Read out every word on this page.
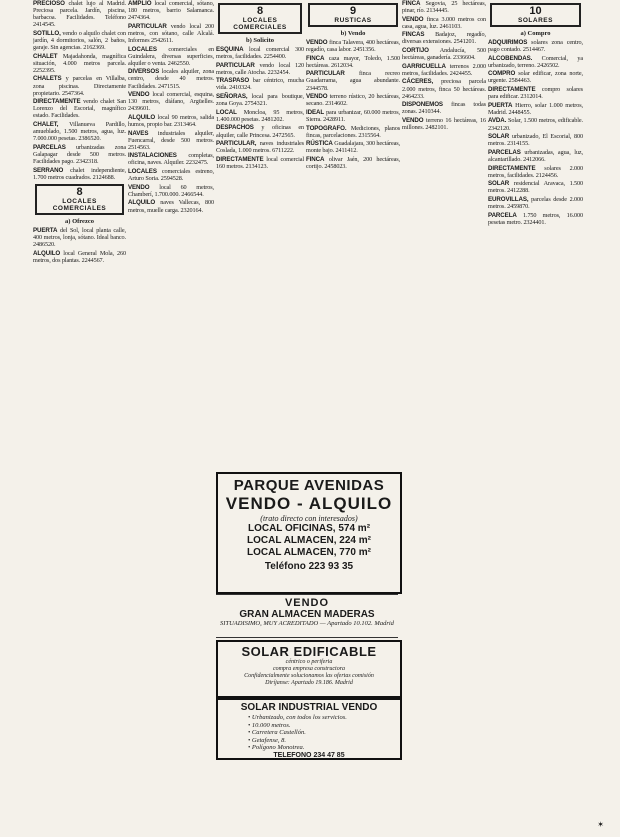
PRECIOSO chalet lujo al Madrid. Preciosa parcela. Jardín, piscina, barbacoa. Facilidades. Teléfono 2414545.

SOTILLO, vendo o alquilo chalet con jardín, 4 dormitorios, salón, 2 baños, garaje. Sin agencias. 2162369.

CHALET Majadahonda, magnífica situación, 4.000 metros parcela. 2252395.

CHALETS y parcelas en Villalba, zona piscinas. Directamente propietario. 2547364.

DIRECTAMENTE vendo chalet San Lorenzo del Escorial, magnífico estado. Facilidades.

CHALET, Villanueva Pardillo, amueblado, 1.500 metros, agua, luz. 7.000.000 pesetas. 2386520.

PARCELAS urbanizadas zona Galapagar desde 500 metros. Facilidades pago. 2342318.

SERRANO chalet independiente, 1.700 metros cuadrados. 2124688.

8
LOCALES COMERCIALES
a) Ofrezco

PUERTA del Sol, local planta calle, 400 metros, lonja, sótano. Ideal banco. 2486520.

ALQUILO local General Mola, 260 metros, dos plantas. 2244567.

AMPLIO local comercial, sótano, 180 metros, barrio Salamanca. 2474364.

PARTICULAR vendo local 200 metros, con sótano, calle Alcalá. Informes 2542611.

LOCALES comerciales en Guindalera, diversas superficies, alquiler o venta. 2462550.

DIVERSOS locales alquiler, zona centro, desde 40 metros. Facilidades. 2471515.

VENDO local comercial, esquina, 130 metros, diáfano, Argüelles. 2439601.

ALQUILO local 90 metros, salida humos, propio bar. 2313464.

NAVES industriales alquiler, Fuencarral, desde 500 metros. 2514563.

INSTALACIONES completas, oficina, naves. Alquiler. 2232475.

LOCALES comerciales estreno, Arturo Soria. 2594528.

VENDO local 60 metros, Chamberí, 1.700.000. 2466544.

ALQUILO naves Vallecas, 800 metros, muelle carga. 2320164.

8
LOCALES COMERCIALES
b) Solicito

ESQUINA local comercial 300 metros, facilidades. 2254400.

PARTICULAR vendo local 120 metros, calle Atocha. 2232454.

TRASPASO bar céntrico, mucha vida. 2410324.

SEÑORAS, local para boutique, zona Goya. 2754321.

LOCAL Moncloa, 95 metros, 1.400.000 pesetas. 2481202.

DESPACHOS y oficinas en alquiler, calle Princesa. 2472565.

PARTICULAR, naves industriales Coslada, 1.000 metros. 6711222.

DIRECTAMENTE local comercial 160 metros. 2134123.

9
RUSTICAS
b) Vendo

VENDO finca Talavera, 400 hectáreas, regadío, casa labor. 2451356.

FINCA caza mayor, Toledo, 1.500 hectáreas. 2612034.

PARTICULAR finca recreo Guadarrama, agua abundante. 2344578.

VENDO terreno rústico, 20 hectáreas, secano. 2314602.

IDEAL para urbanizar, 60.000 metros, Sierra. 2428911.

TOPOGRAFO. Mediciones, planos fincas, parcelaciones. 2315564.

RÚSTICA Guadalajara, 300 hectáreas, monte bajo. 2411412.

FINCA olivar Jaén, 200 hectáreas, cortijo. 2458023.

FINCA Segovia, 25 hectáreas, pinar, río. 2134445.

VENDO finca 3.000 metros con casa, agua, luz. 2461103.

FINCAS Badajoz, regadío, diversas extensiones. 2541201.

CORTIJO Andalucía, 500 hectáreas, ganadería. 2336604.

GARRICUELLA terrenos 2.000 metros, facilidades. 2424455.

CÁCERES, preciosa parcela 2.000 metros, finca 50 hectáreas. 2464233.

DISPONEMOS fincas todas zonas. 2410344.

VENDO terreno 16 hectáreas, 16 millones. 2482101.

10
SOLARES
a) Compro

ADQUIRIMOS solares zona centro, pago contado. 2514467.

ALCOBENDAS. Comercial, ya urbanizado, terreno. 2426502.

COMPRO solar edificar, zona norte, urgente. 2584463.

DIRECTAMENTE compro solares para edificar. 2312014.

PUERTA Hierro, solar 1.000 metros, Madrid. 2448455.

AVDA. Solar, 1.500 metros, edificable. 2342120.

SOLAR urbanizado, El Escorial, 800 metros. 2314155.

PARCELAS urbanizadas, agua, luz, alcantarillado. 2412066.

DIRECTAMENTE solares 2.000 metros, facilidades. 2124456.

SOLAR residencial Aravaca, 1.500 metros. 2412288.

EUROVILLAS, parcelas desde 2.000 metros. 2459870.

PARCELA 1.750 metros, 16.000 pesetas metro. 2324401.

PARQUE AVENIDAS
VENDO - ALQUILO
(trato directo con interesados)
LOCAL OFICINAS, 574 m²
LOCAL ALMACEN, 224 m²
LOCAL ALMACEN, 770 m²
Teléfono 223 93 35
VENDO
GRAN ALMACEN MADERAS
SITUADISIMO, MUY ACREDITADO — Apartado 10.102. Madrid
SOLAR EDIFICABLE
céntrico o periferia
compra empresa constructora
Confidencialmente solucionamos las ofertas comisión
Diríjanse: Apartado 19.186. Madrid
SOLAR INDUSTRIAL VENDO
• Urbanizado, con todos los servicios.
• 10.000 metros.
• Carretera Castellón.
• Getafense, 8.
• Polígono Monotrea.
TELEFONO 234 47 85
✶
